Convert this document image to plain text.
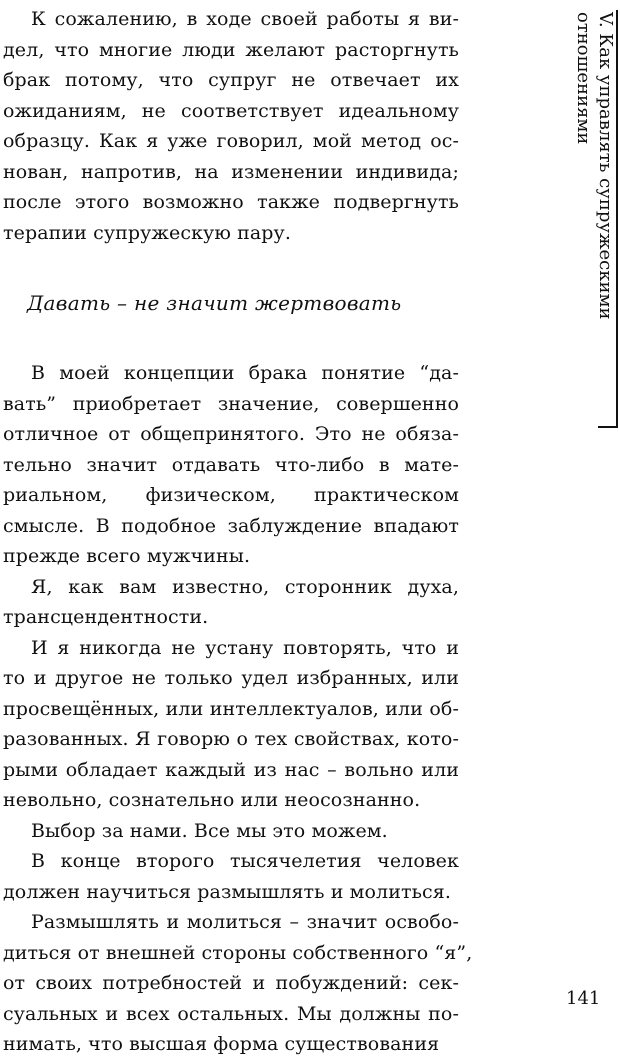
К сожалению, в ходе своей работы я ви-
дел, что многие люди желают расторгнуть
брак потому, что супруг не отвечает их
ожиданиям, не соответствует идеальному
образцу. Как я уже говорил, мой метод ос-
нован, напротив, на изменении индивида;
после этого возможно также подвергнуть
терапии супружескую пару.

Давать – не значит жертвовать

В моей концепции брака понятие “да-
вать” приобретает значение, совершенно
отличное от общепринятого. Это не обяза-
тельно значит отдавать что-либо в мате-
риальном, физическом, практическом
смысле. В подобное заблуждение впадают
прежде всего мужчины.

Я, как вам известно, сторонник духа,
трансцендентности.

И я никогда не устану повторять, что и
то и другое не только удел избранных, или
просвещённых, или интеллектуалов, или об-
разованных. Я говорю о тех свойствах, кото-
рыми обладает каждый из нас – вольно или
невольно, сознательно или неосознанно.

Выбор за нами. Все мы это можем.

В конце второго тысячелетия человек
должен научиться размышлять и молиться.

Размышлять и молиться – значит освобо-
диться от внешней стороны собственного “я”,
от своих потребностей и побуждений: сек-
суальных и всех остальных. Мы должны по-
нимать, что высшая форма существования

V. Как управлять супружескими
отношениями
141
